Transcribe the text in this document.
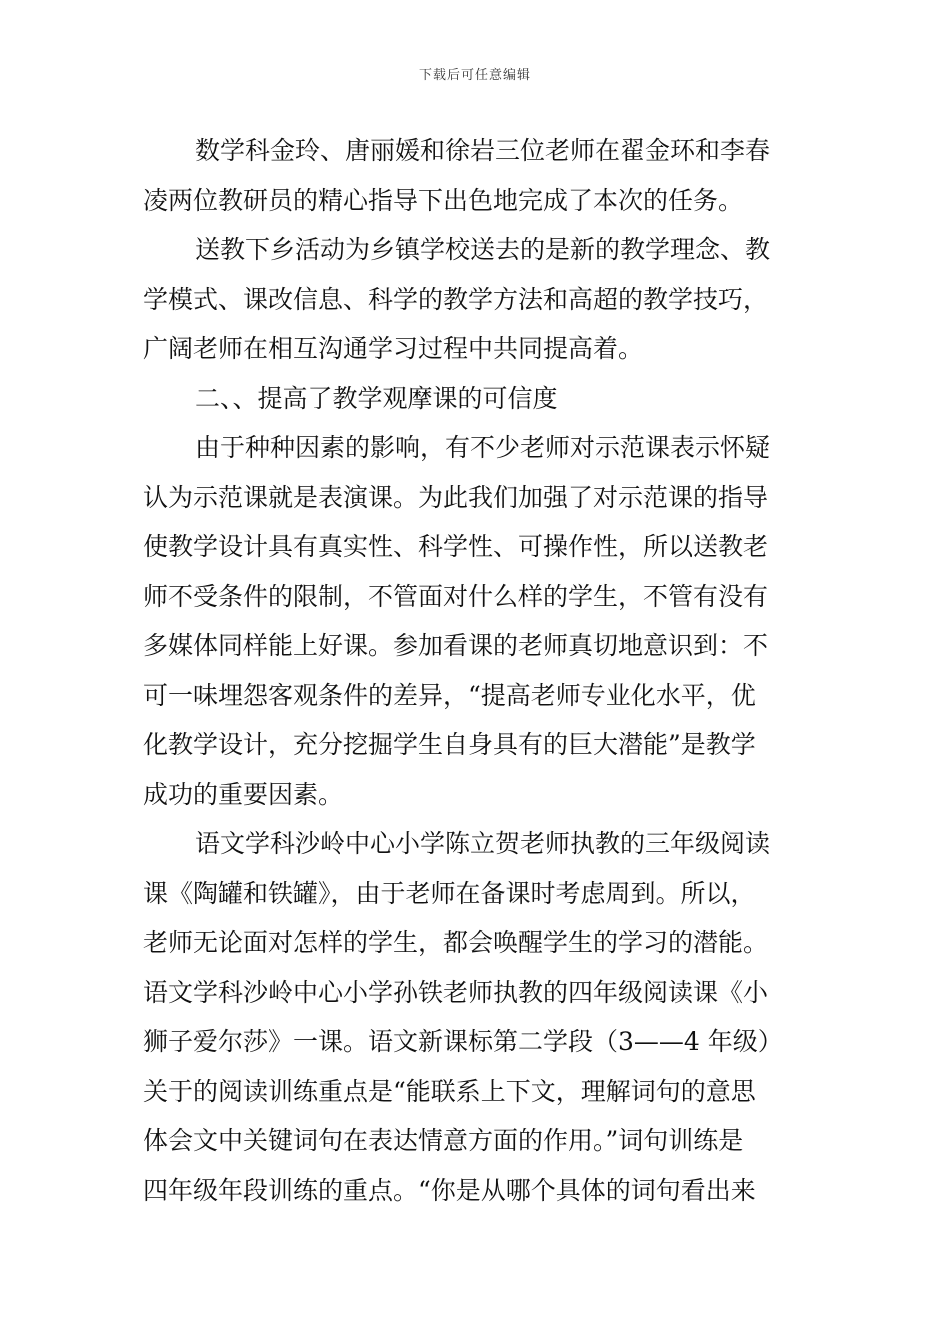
下载后可任意编辑
数学科金玲、唐丽媛和徐岩三位老师在翟金环和李春
凌两位教研员的精心指导下出色地完成了本次的任务。
送教下乡活动为乡镇学校送去的是新的教学理念、教
学模式、课改信息、科学的教学方法和高超的教学技巧，
广阔老师在相互沟通学习过程中共同提高着。
二、、提高了教学观摩课的可信度
由于种种因素的影响，有不少老师对示范课表示怀疑
认为示范课就是表演课。为此我们加强了对示范课的指导
使教学设计具有真实性、科学性、可操作性，所以送教老
师不受条件的限制，不管面对什么样的学生，不管有没有
多媒体同样能上好课。参加看课的老师真切地意识到：不
可一味埋怨客观条件的差异，“提高老师专业化水平，优
化教学设计，充分挖掘学生自身具有的巨大潜能”是教学
成功的重要因素。
语文学科沙岭中心小学陈立贺老师执教的三年级阅读
课《陶罐和铁罐》，由于老师在备课时考虑周到。所以，
老师无论面对怎样的学生，都会唤醒学生的学习的潜能。
语文学科沙岭中心小学孙铁老师执教的四年级阅读课《小
狮子爱尔莎》一课。语文新课标第二学段（3——4 年级）
关于的阅读训练重点是“能联系上下文，理解词句的意思
体会文中关键词句在表达情意方面的作用。”词句训练是
四年级年段训练的重点。“你是从哪个具体的词句看出来
